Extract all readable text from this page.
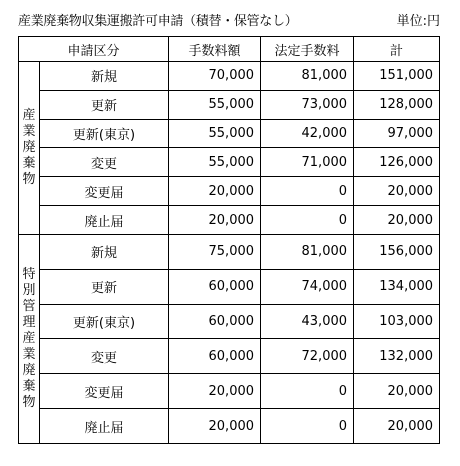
産業廃棄物収集運搬許可申請（積替・保管なし）	単位:円
申請区分		手数料額	法定手数料	計
産業廃棄物	新規	70,000	81,000	151,000
	更新	55,000	73,000	128,000
	更新(東京)	55,000	42,000	97,000
	変更	55,000	71,000	126,000
	変更届	20,000	0	20,000
	廃止届	20,000	0	20,000
特別管理産業廃棄物	新規	75,000	81,000	156,000
	更新	60,000	74,000	134,000
	更新(東京)	60,000	43,000	103,000
	変更	60,000	72,000	132,000
	変更届	20,000	0	20,000
	廃止届	20,000	0	20,000
